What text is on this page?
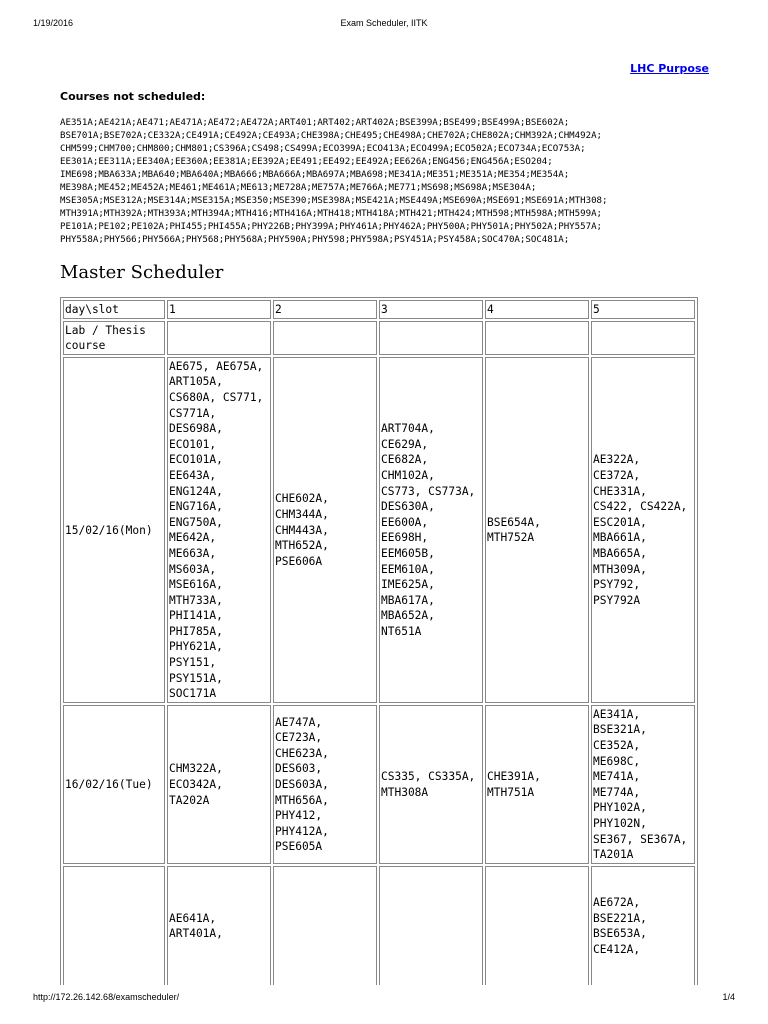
1/19/2016	Exam Scheduler, IITK
LHC Purpose
Courses not scheduled:
AE351A;AE421A;AE471;AE471A;AE472;AE472A;ART401;ART402;ART402A;BSE399A;BSE499;BSE499A;BSE602A;
BSE701A;BSE702A;CE332A;CE491A;CE492A;CE493A;CHE398A;CHE495;CHE498A;CHE702A;CHE802A;CHM392A;CHM492A;
CHM599;CHM700;CHM800;CHM801;CS396A;CS498;CS499A;ECO399A;ECO413A;ECO499A;ECO502A;ECO734A;ECO753A;
EE301A;EE311A;EE340A;EE360A;EE381A;EE392A;EE491;EE492;EE492A;EE626A;ENG456;ENG456A;ESO204;
IME698;MBA633A;MBA640;MBA640A;MBA666;MBA666A;MBA697A;MBA698;ME341A;ME351;ME351A;ME354;ME354A;
ME398A;ME452;ME452A;ME461;ME461A;ME613;ME728A;ME757A;ME766A;ME771;MS698;MS698A;MSE304A;
MSE305A;MSE312A;MSE314A;MSE315A;MSE350;MSE390;MSE398A;MSE421A;MSE449A;MSE690A;MSE691;MSE691A;MTH308;
MTH391A;MTH392A;MTH393A;MTH394A;MTH416;MTH416A;MTH418;MTH418A;MTH421;MTH424;MTH598;MTH598A;MTH599A;
PE101A;PE102;PE102A;PHI455;PHI455A;PHY226B;PHY399A;PHY461A;PHY462A;PHY500A;PHY501A;PHY502A;PHY557A;
PHY558A;PHY566;PHY566A;PHY568;PHY568A;PHY590A;PHY598;PHY598A;PSY451A;PSY458A;SOC470A;SOC481A;
Master Scheduler
day\slot	1	2	3	4	5
Lab / Thesis course					
15/02/16(Mon)	AE675, AE675A, ART105A, CS680A, CS771, CS771A, DES698A, ECO101, ECO101A, EE643A, ENG124A, ENG716A, ENG750A, ME642A, ME663A, MS603A, MSE616A, MTH733A, PHI141A, PHI785A, PHY621A, PSY151, PSY151A, SOC171A	CHE602A, CHM344A, CHM443A, MTH652A, PSE606A	ART704A, CE629A, CE682A, CHM102A, CS773, CS773A, DES630A, EE600A, EE698H, EEM605B, EEM610A, IME625A, MBA617A, MBA652A, NT651A	BSE654A, MTH752A	AE322A, CE372A, CHE331A, CS422, CS422A, ESC201A, MBA661A, MBA665A, MTH309A, PSY792, PSY792A
16/02/16(Tue)	CHM322A, ECO342A, TA202A	AE747A, CE723A, CHE623A, DES603, DES603A, MTH656A, PHY412, PHY412A, PSE605A	CS335, CS335A, MTH308A	CHE391A, MTH751A	AE341A, BSE321A, CE352A, ME698C, ME741A, ME774A, PHY102A, PHY102N, SE367, SE367A, TA201A
	AE641A, ART401A,				AE672A, BSE221A, BSE653A, CE412A,
http://172.26.142.68/examscheduler/	1/4
